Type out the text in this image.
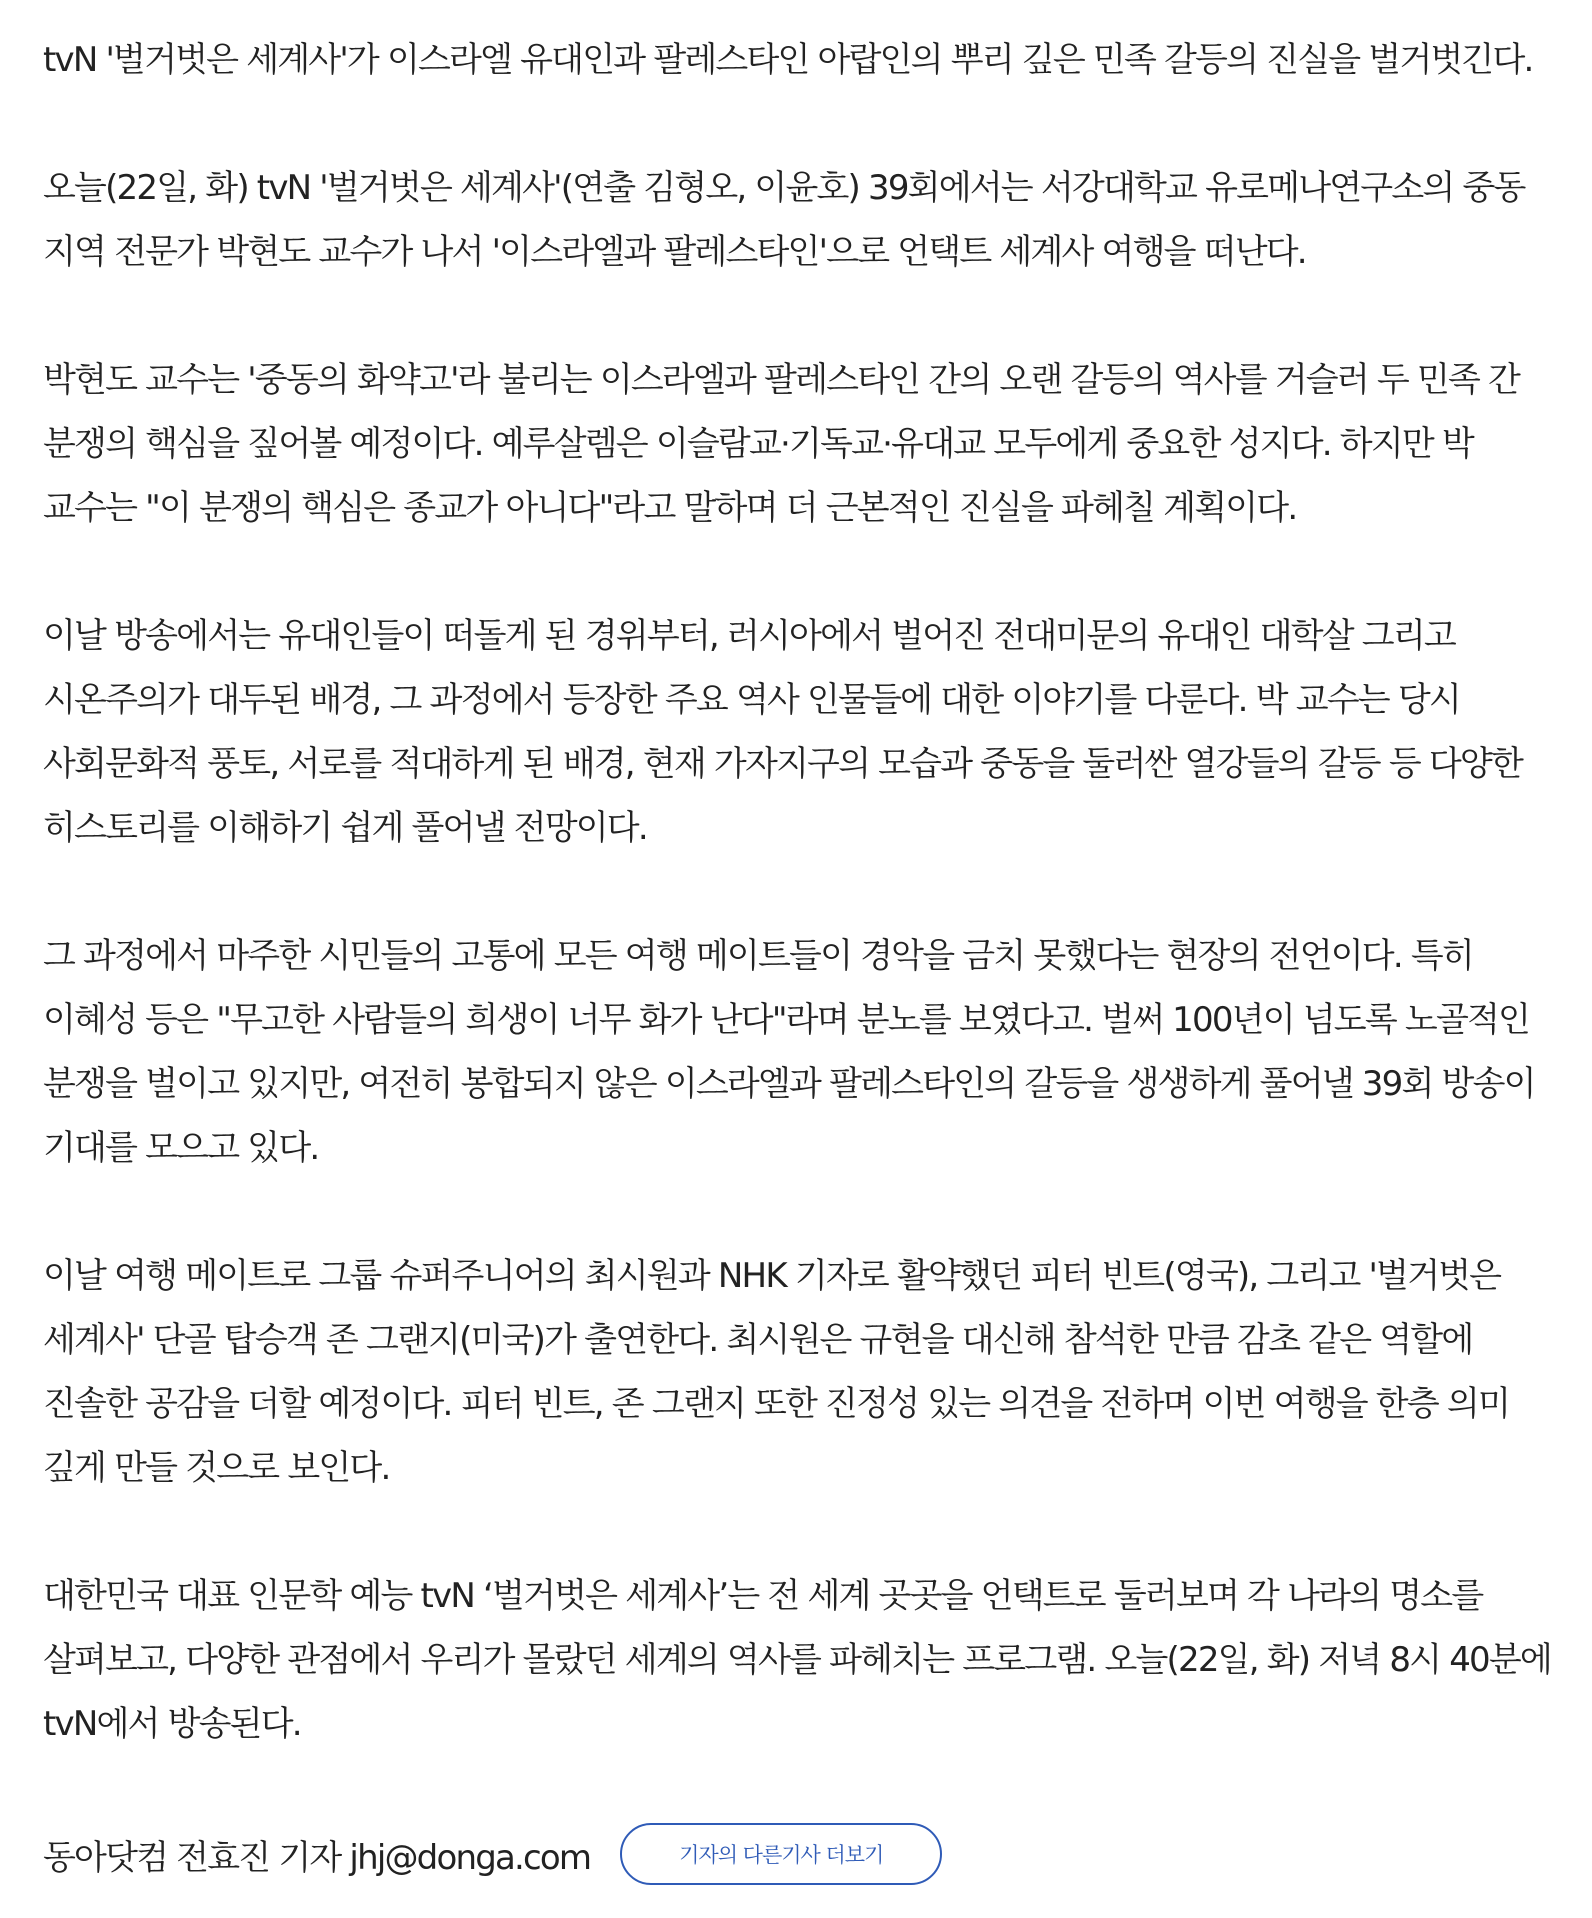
tvN '벌거벗은 세계사'가 이스라엘 유대인과 팔레스타인 아랍인의 뿌리 깊은 민족 갈등의 진실을 벌거벗긴다.

오늘(22일, 화) tvN '벌거벗은 세계사'(연출 김형오, 이윤호) 39회에서는 서강대학교 유로메나연구소의 중동 지역 전문가 박현도 교수가 나서 '이스라엘과 팔레스타인'으로 언택트 세계사 여행을 떠난다.

박현도 교수는 '중동의 화약고'라 불리는 이스라엘과 팔레스타인 간의 오랜 갈등의 역사를 거슬러 두 민족 간 분쟁의 핵심을 짚어볼 예정이다. 예루살렘은 이슬람교·기독교·유대교 모두에게 중요한 성지다. 하지만 박 교수는 "이 분쟁의 핵심은 종교가 아니다"라고 말하며 더 근본적인 진실을 파헤칠 계획이다.

이날 방송에서는 유대인들이 떠돌게 된 경위부터, 러시아에서 벌어진 전대미문의 유대인 대학살 그리고 시온주의가 대두된 배경, 그 과정에서 등장한 주요 역사 인물들에 대한 이야기를 다룬다. 박 교수는 당시 사회문화적 풍토, 서로를 적대하게 된 배경, 현재 가자지구의 모습과 중동을 둘러싼 열강들의 갈등 등 다양한 히스토리를 이해하기 쉽게 풀어낼 전망이다.

그 과정에서 마주한 시민들의 고통에 모든 여행 메이트들이 경악을 금치 못했다는 현장의 전언이다. 특히 이혜성 등은 "무고한 사람들의 희생이 너무 화가 난다"라며 분노를 보였다고. 벌써 100년이 넘도록 노골적인 분쟁을 벌이고 있지만, 여전히 봉합되지 않은 이스라엘과 팔레스타인의 갈등을 생생하게 풀어낼 39회 방송이 기대를 모으고 있다.

이날 여행 메이트로 그룹 슈퍼주니어의 최시원과 NHK 기자로 활약했던 피터 빈트(영국), 그리고 '벌거벗은 세계사' 단골 탑승객 존 그랜지(미국)가 출연한다. 최시원은 규현을 대신해 참석한 만큼 감초 같은 역할에 진솔한 공감을 더할 예정이다. 피터 빈트, 존 그랜지 또한 진정성 있는 의견을 전하며 이번 여행을 한층 의미 깊게 만들 것으로 보인다.

대한민국 대표 인문학 예능 tvN ‘벌거벗은 세계사’는 전 세계 곳곳을 언택트로 둘러보며 각 나라의 명소를 살펴보고, 다양한 관점에서 우리가 몰랐던 세계의 역사를 파헤치는 프로그램. 오늘(22일, 화) 저녁 8시 40분에 tvN에서 방송된다.

동아닷컴 전효진 기자 jhj@donga.com	기자의 다른기사 더보기
